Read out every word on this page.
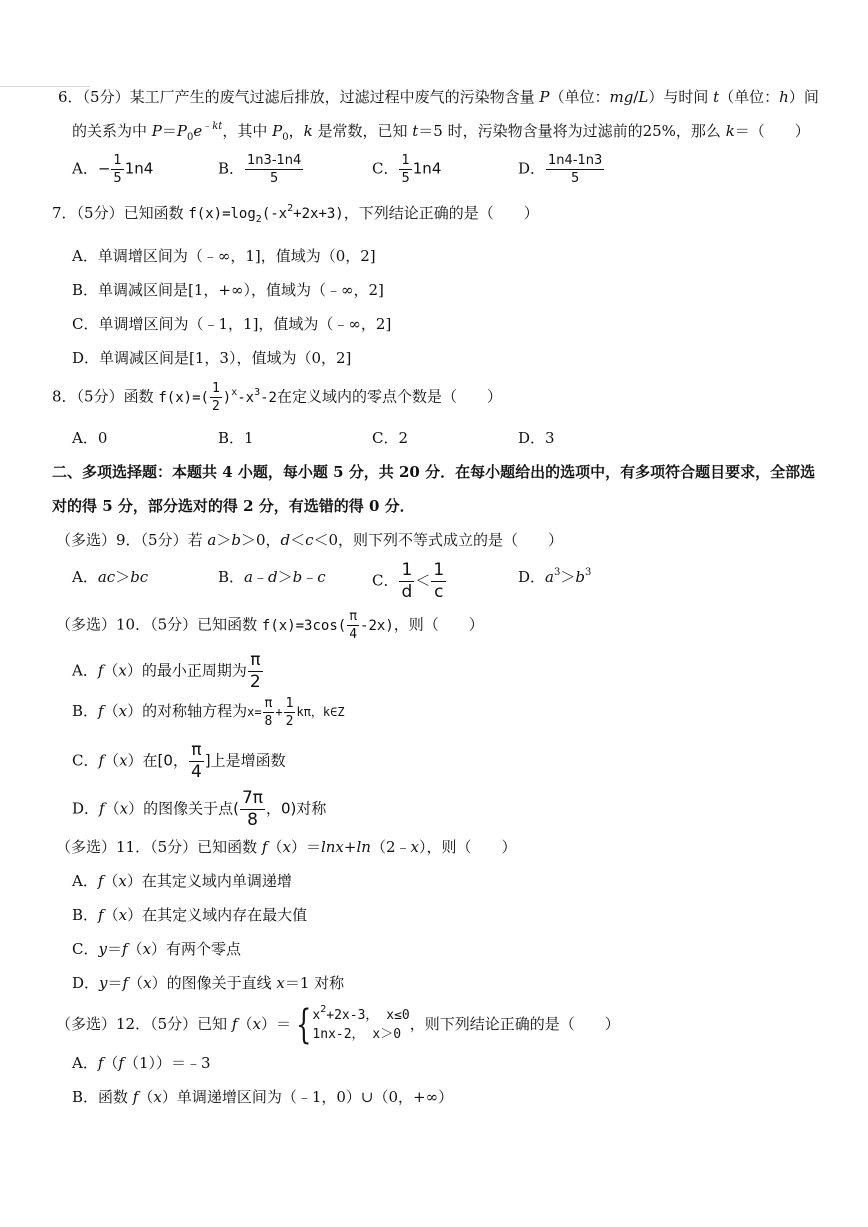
6．（5分）某工厂产生的废气过滤后排放，过滤过程中废气的污染物含量 P（单位：mg/L）与时间 t（单位：h）间
的关系为中 $P=P_0e^{﹣kt}$，其中 $P_0$，k 是常数，已知 t＝5 时，污染物含量将为过滤前的25%，那么 k＝（　　）
A．− $\frac{1}{5} 1n4$	B． $\frac{1n3-1n4}{5}$	C． $\frac{1}{5} 1n4$	D． $\frac{1n4-1n3}{5}$
7．（5分）已知函数 $f(x)=\log_2(-x^2+2x+3)$，下列结论正确的是（　　）
A．单调增区间为（﹣∞，1]，值域为（0，2]
B．单调减区间是[1，+∞），值域为（﹣∞，2]
C．单调增区间为（﹣1，1]，值域为（﹣∞，2]
D．单调减区间是[1，3），值域为（0，2]
8．（5分）函数 $f(x)=( \frac{1}{2} )^x-x^3-2$在定义域内的零点个数是（　　）
A．0	B．1	C．2	D．3
二、多项选择题：本题共 4 小题，每小题 5 分，共 20 分．在每小题给出的选项中，有多项符合题目要求，全部选
对的得 5 分，部分选对的得 2 分，有选错的得 0 分．
（多选）9．（5分）若 a＞b＞0，d＜c＜0，则下列不等式成立的是（　　）
A．ac＞bc	B．a﹣d＞b﹣c	C． $\frac{1}{d} < \frac{1}{c}$	D．$a^3>b^3$
（多选）10．（5分）已知函数 $f(x)=3\cos( \frac{\pi}{4} -2x)$，则（　　）
A．f（x）的最小正周期为 $\frac{\pi}{2}$
B．f（x）的对称轴方程为$x= \frac{\pi}{8} + \frac{1}{2}$ kπ，k∈Z
C．f（x）在[0， $\frac{\pi}{4}$ ]上是增函数
D．f（x）的图像关于点( $\frac{7\pi}{8}$ ，0)对称
（多选）11．（5分）已知函数 f（x）＝lnx+ln（2﹣x），则（　　）
A．f（x）在其定义域内单调递增
B．f（x）在其定义域内存在最大值
C．y＝f（x）有两个零点
D．y＝f（x）的图像关于直线 x＝1 对称
（多选）12．（5分）已知 f（x）＝ { $x^2+2x-3$， x≤0
1nx-2， x＞0
，则下列结论正确的是（　　）
A．f（f（1））＝﹣3
B．函数 f（x）单调递增区间为（﹣1，0）∪（0，+∞）
